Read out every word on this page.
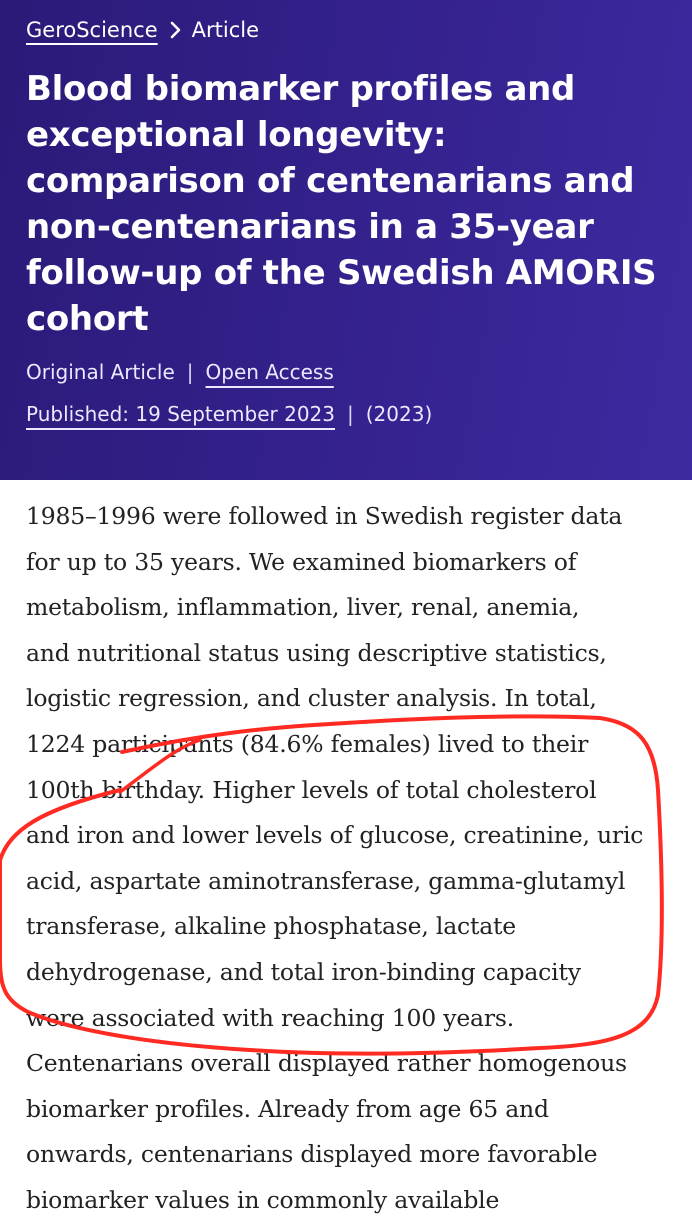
GeroScience Article
Blood biomarker profiles and
exceptional longevity:
comparison of centenarians and
non-centenarians in a 35-year
follow-up of the Swedish AMORIS
cohort
Original Article | Open Access
Published: 19 September 2023 | (2023)
1985–1996 were followed in Swedish register data
for up to 35 years. We examined biomarkers of
metabolism, inflammation, liver, renal, anemia,
and nutritional status using descriptive statistics,
logistic regression, and cluster analysis. In total,
1224 participants (84.6% females) lived to their
100th birthday. Higher levels of total cholesterol
and iron and lower levels of glucose, creatinine, uric
acid, aspartate aminotransferase, gamma-glutamyl
transferase, alkaline phosphatase, lactate
dehydrogenase, and total iron-binding capacity
were associated with reaching 100 years.
Centenarians overall displayed rather homogenous
biomarker profiles. Already from age 65 and
onwards, centenarians displayed more favorable
biomarker values in commonly available
